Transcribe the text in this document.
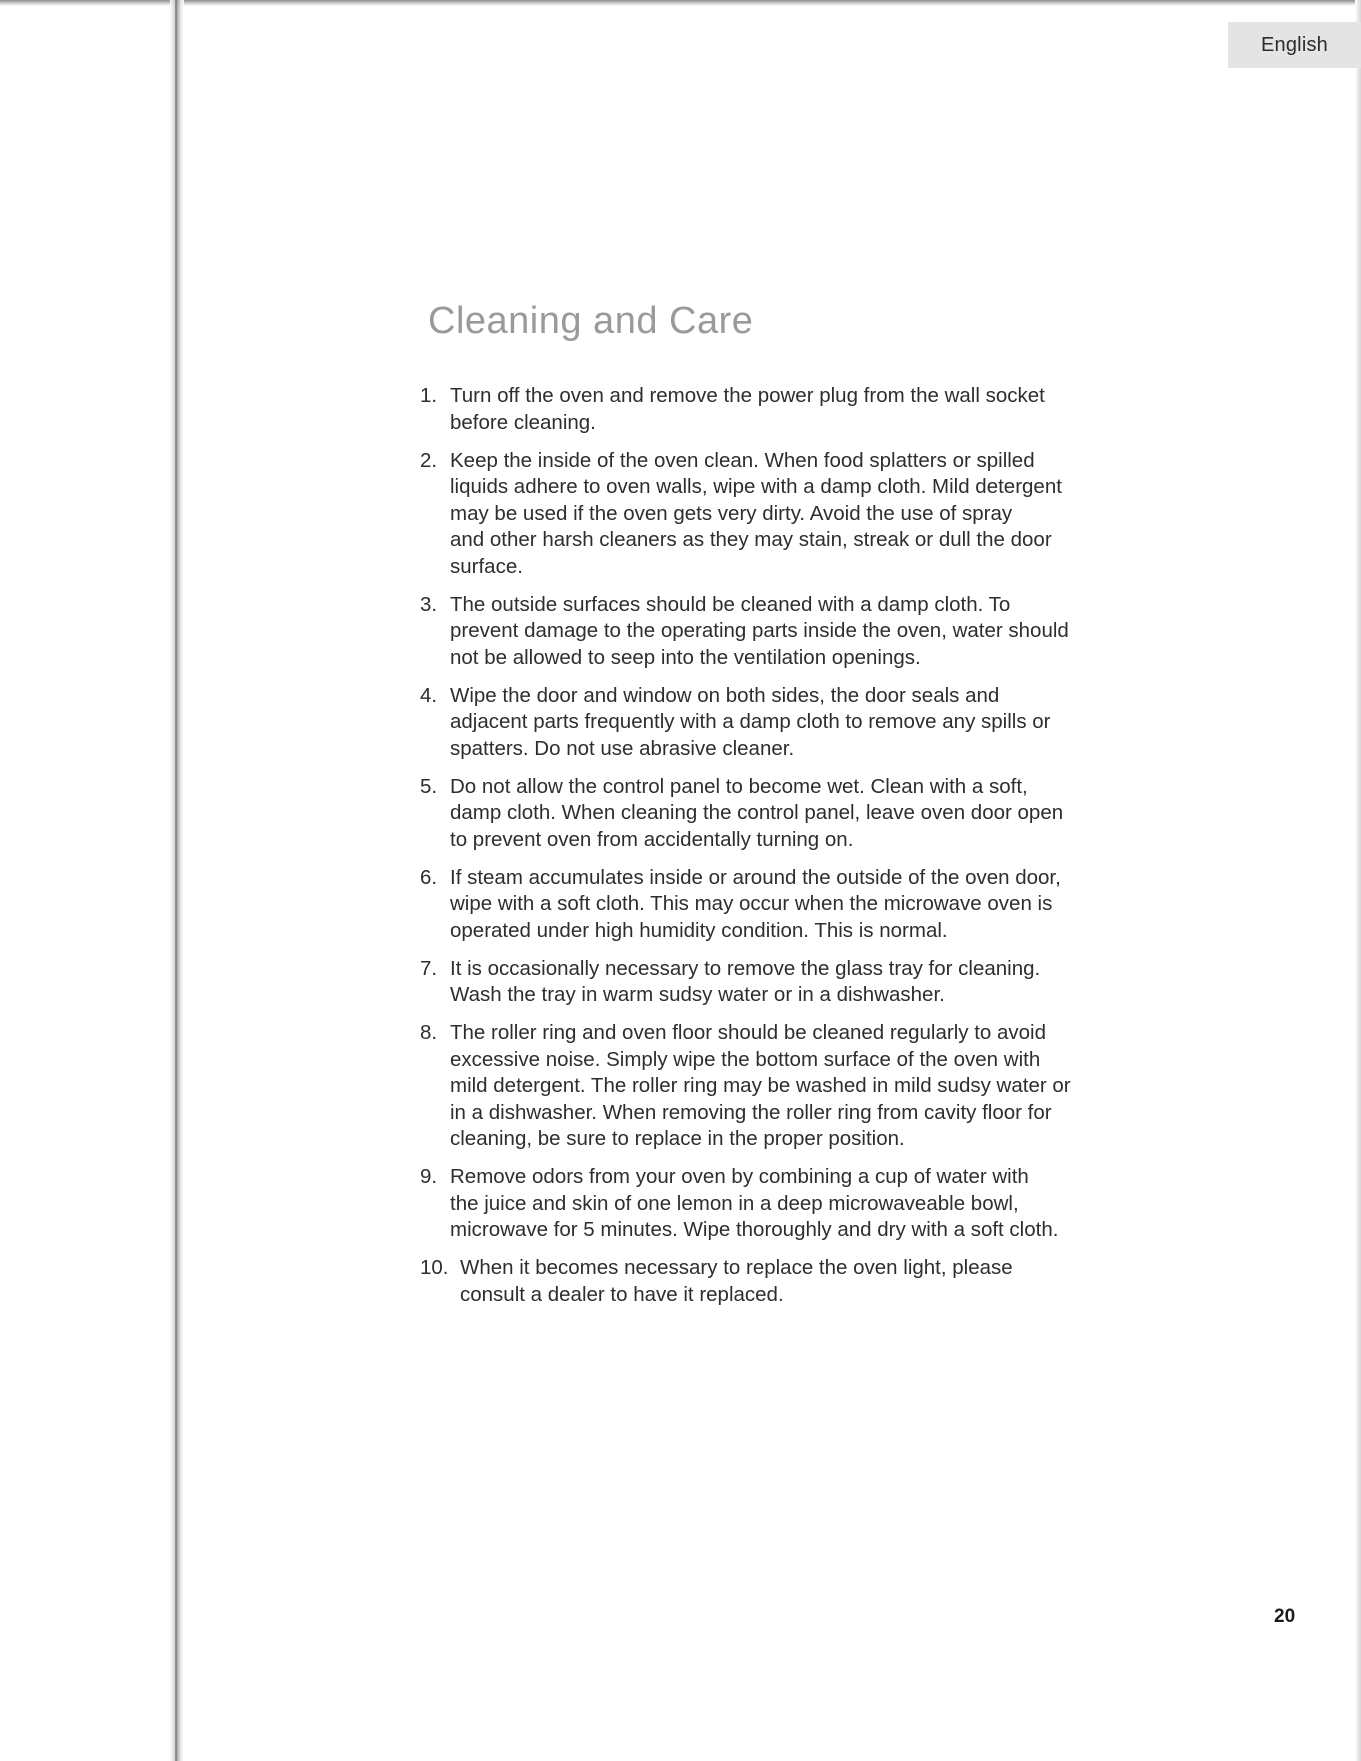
English
Cleaning and Care
1. Turn off the oven and remove the power plug from the wall socket
before cleaning.
2. Keep the inside of the oven clean. When food splatters or spilled
liquids adhere to oven walls, wipe with a damp cloth. Mild detergent
may be used if the oven gets very dirty. Avoid the use of spray
and other harsh cleaners as they may stain, streak or dull the door
surface.
3. The outside surfaces should be cleaned with a damp cloth. To
prevent damage to the operating parts inside the oven, water should
not be allowed to seep into the ventilation openings.
4. Wipe the door and window on both sides, the door seals and
adjacent parts frequently with a damp cloth to remove any spills or
spatters. Do not use abrasive cleaner.
5. Do not allow the control panel to become wet. Clean with a soft,
damp cloth. When cleaning the control panel, leave oven door open
to prevent oven from accidentally turning on.
6. If steam accumulates inside or around the outside of the oven door,
wipe with a soft cloth. This may occur when the microwave oven is
operated under high humidity condition. This is normal.
7. It is occasionally necessary to remove the glass tray for cleaning.
Wash the tray in warm sudsy water or in a dishwasher.
8. The roller ring and oven floor should be cleaned regularly to avoid
excessive noise. Simply wipe the bottom surface of the oven with
mild detergent. The roller ring may be washed in mild sudsy water or
in a dishwasher. When removing the roller ring from cavity floor for
cleaning, be sure to replace in the proper position.
9. Remove odors from your oven by combining a cup of water with
the juice and skin of one lemon in a deep microwaveable bowl,
microwave for 5 minutes. Wipe thoroughly and dry with a soft cloth.
10. When it becomes necessary to replace the oven light, please
consult a dealer to have it replaced.
20
